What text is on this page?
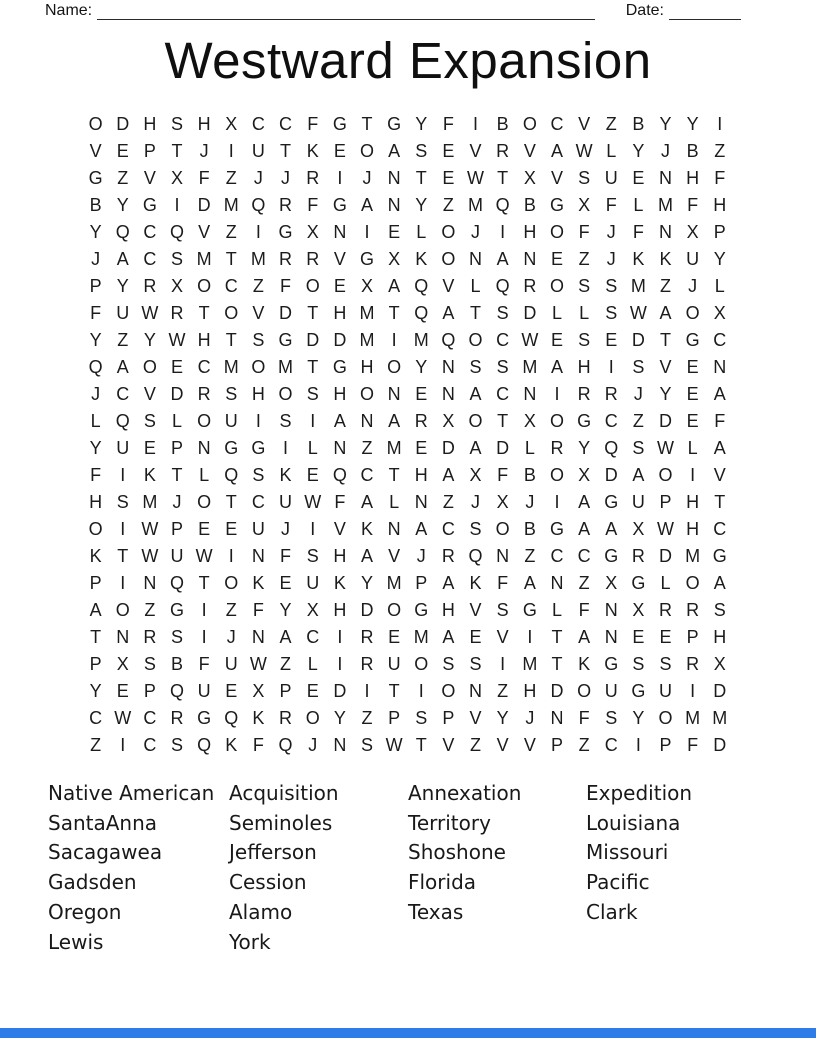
Name:	Date:
Westward Expansion
O D H S H X C C F G T G Y F	I	B O C V Z B Y Y	I
V E P T J	I	U T K E O A S E V R V A W L Y J B Z
G Z V X F Z J	J R	I	J N T E W T X V S U E N H F
B Y G I	D M Q R F G A N Y Z M Q B G X F L M F H
Y Q C Q V Z	I G X N	I	E L O J	I	H O F J F N X P
J A C S M T M R R V G X K O N A N E Z J K K U Y
P Y R X O C Z F O E X A Q V L Q R O S S M Z J L
F U W R T O V D T H M T Q A T S D L L S W A O X
Y Z Y W H T S G D D M I M Q O C W E S E D T G C
Q A O E C M O M T G H O Y N S S M A H	I	S V E N
J C V D R S H O S H O N E N A C N	I	R R J Y E A
L Q S L O U	I	S	I	A N A R X O T X O G C Z D E F
Y U E P N G G I	L N Z M E D A D L R Y Q S W L A
F	I	K T L Q S K E Q C T H A X F B O X D A O I	V
H S M J O T C U W F A L N Z J X J	I	A G U P H T
O I W P E E U J	I	V K N A C S O B G A A X W H C
K T W U W I	N F S H A V J R Q N Z C C G R D M G
P	I	N Q T O K E U K Y M P A K F A N Z X G L O A
A O Z G I	Z F Y X H D O G H V S G L F N X R R S
T N R S	I	J N A C	I	R E M A E V	I	T A N E E P H
P X S B F U W Z L	I	R U O S S	I M T K G S S R X
Y E P Q U E X P E D	I	T	I O N Z H D O U G U	I	D
C W C R G Q K R O Y Z P S P V Y J N F S Y O M M
Z	I	C S Q K F Q J N S W T V Z V V P Z C	I	P F D
Native American
SantaAnna
Sacagawea
Gadsden
Oregon
Lewis
Acquisition
Seminoles
Jefferson
Cession
Alamo
York
Annexation
Territory
Shoshone
Florida
Texas
Expedition
Louisiana
Missouri
Pacific
Clark
